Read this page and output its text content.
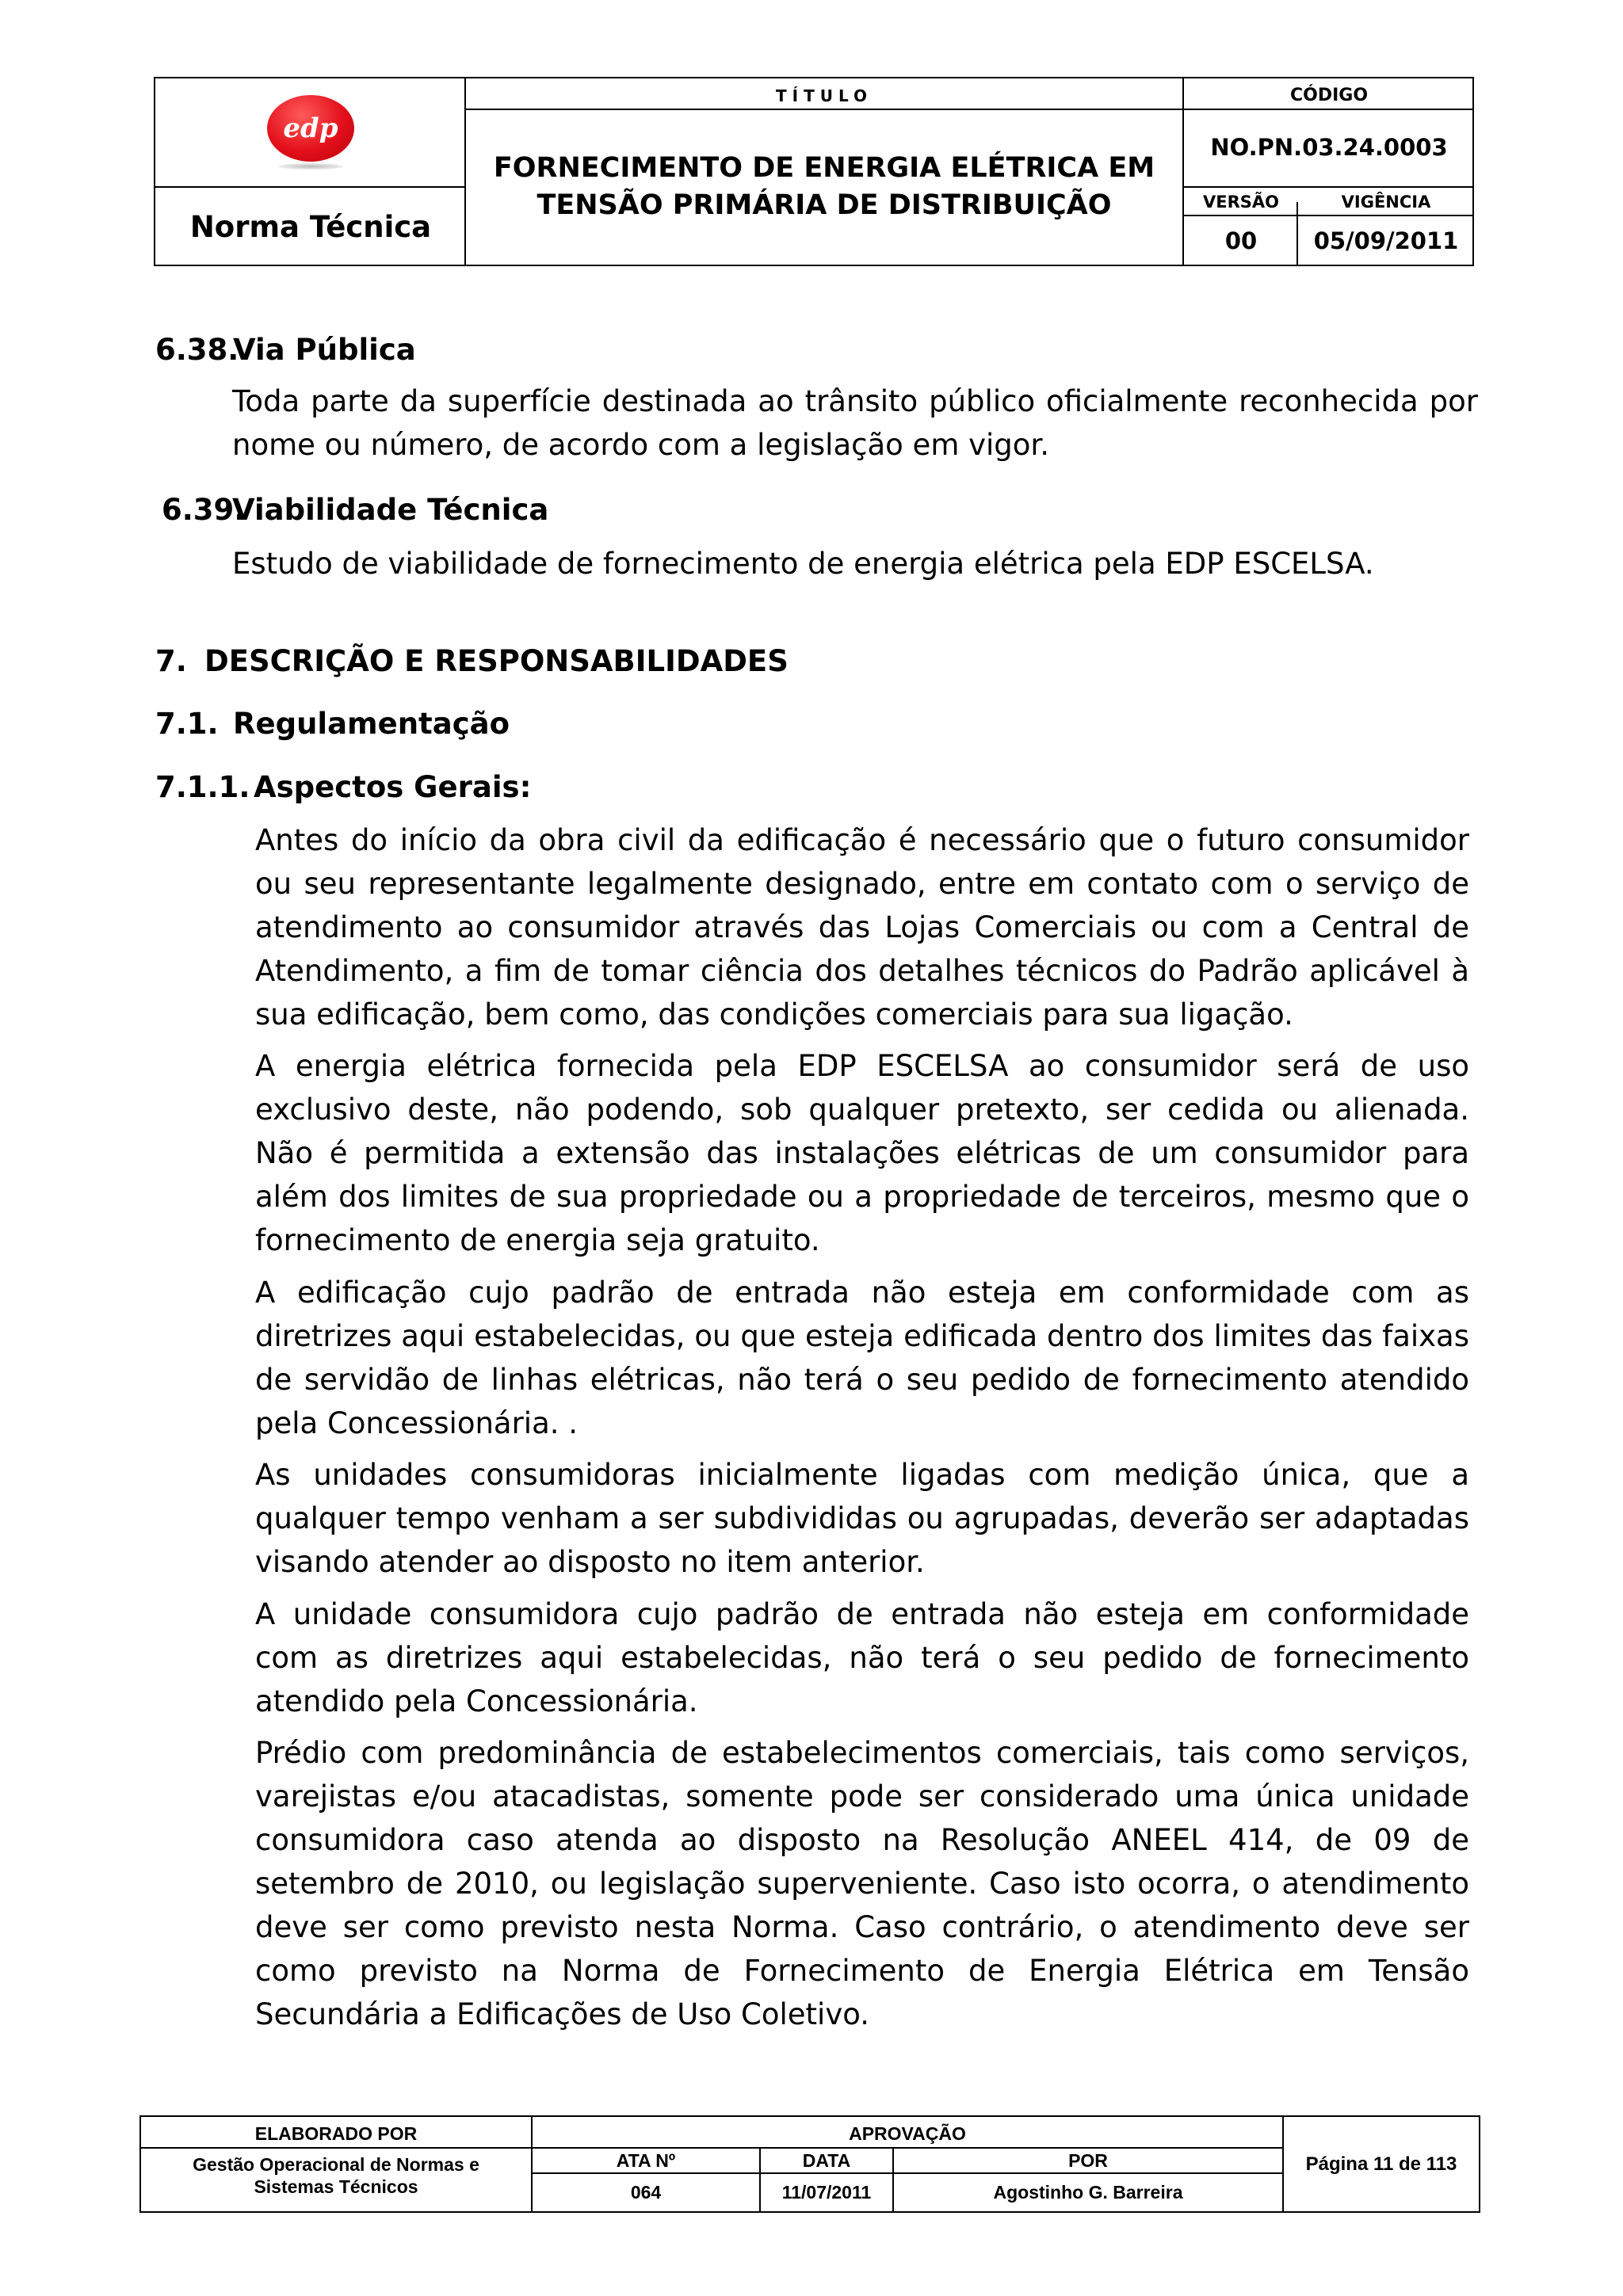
edp
Norma Técnica
TÍTULO
FORNECIMENTO DE ENERGIA ELÉTRICA EM
TENSÃO PRIMÁRIA DE DISTRIBUIÇÃO
CÓDIGO
NO.PN.03.24.0003
VERSÃO	VIGÊNCIA
00	05/09/2011
6.38.
Via Pública
Toda parte da superfície destinada ao trânsito público oficialmente reconhecida por
nome ou número, de acordo com a legislação em vigor.
6.39.
Viabilidade Técnica
Estudo de viabilidade de fornecimento de energia elétrica pela EDP ESCELSA.
7. DESCRIÇÃO E RESPONSABILIDADES
7.1. Regulamentação
7.1.1. Aspectos Gerais:
Antes do início da obra civil da edificação é necessário que o futuro consumidor
ou seu representante legalmente designado, entre em contato com o serviço de
atendimento ao consumidor através das Lojas Comerciais ou com a Central de
Atendimento, a fim de tomar ciência dos detalhes técnicos do Padrão aplicável à
sua edificação, bem como, das condições comerciais para sua ligação.
A energia elétrica fornecida pela EDP ESCELSA ao consumidor será de uso
exclusivo deste, não podendo, sob qualquer pretexto, ser cedida ou alienada.
Não é permitida a extensão das instalações elétricas de um consumidor para
além dos limites de sua propriedade ou a propriedade de terceiros, mesmo que o
fornecimento de energia seja gratuito.
A edificação cujo padrão de entrada não esteja em conformidade com as
diretrizes aqui estabelecidas, ou que esteja edificada dentro dos limites das faixas
de servidão de linhas elétricas, não terá o seu pedido de fornecimento atendido
pela Concessionária. .
As unidades consumidoras inicialmente ligadas com medição única, que a
qualquer tempo venham a ser subdivididas ou agrupadas, deverão ser adaptadas
visando atender ao disposto no item anterior.
A unidade consumidora cujo padrão de entrada não esteja em conformidade
com as diretrizes aqui estabelecidas, não terá o seu pedido de fornecimento
atendido pela Concessionária.
Prédio com predominância de estabelecimentos comerciais, tais como serviços,
varejistas e/ou atacadistas, somente pode ser considerado uma única unidade
consumidora caso atenda ao disposto na Resolução ANEEL 414, de 09 de
setembro de 2010, ou legislação superveniente. Caso isto ocorra, o atendimento
deve ser como previsto nesta Norma. Caso contrário, o atendimento deve ser
como previsto na Norma de Fornecimento de Energia Elétrica em Tensão
Secundária a Edificações de Uso Coletivo.
ELABORADO POR
Gestão Operacional de Normas e
Sistemas Técnicos
APROVAÇÃO
ATA Nº	DATA	POR
064	11/07/2011	Agostinho G. Barreira
Página 11 de 113
